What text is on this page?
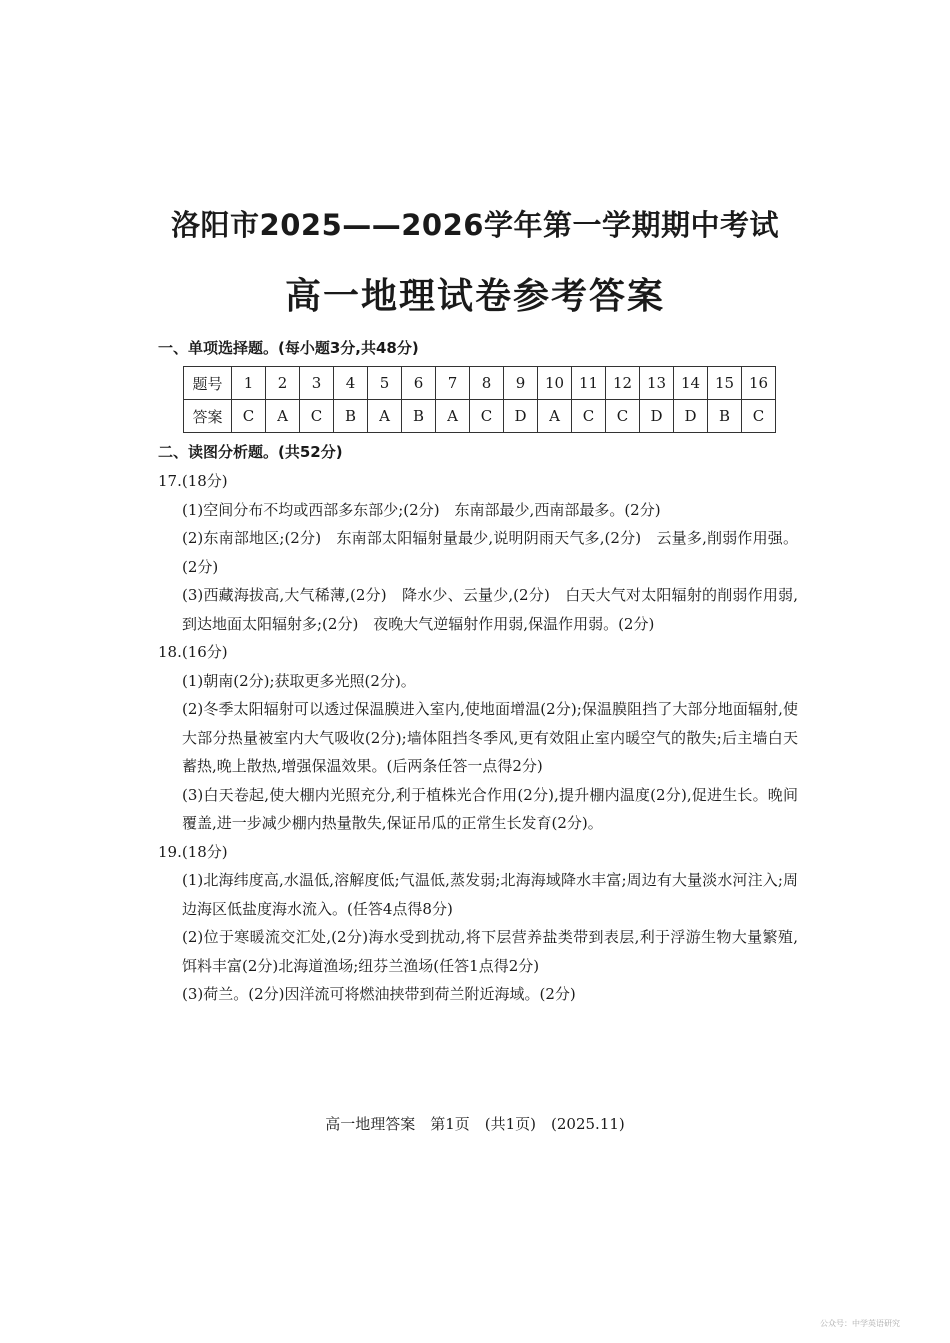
洛阳市2025——2026学年第一学期期中考试
高一地理试卷参考答案
一、单项选择题。(每小题3分,共48分)
题号	1	2	3	4	5	6	7	8	9	10	11	12	13	14	15	16
答案	C	A	C	B	A	B	A	C	D	A	C	C	D	D	B	C
二、读图分析题。(共52分)

17.(18分)

(1)空间分布不均或西部多东部少;(2分)　东南部最少,西南部最多。(2分)

(2)东南部地区;(2分)　东南部太阳辐射量最少,说明阴雨天气多,(2分)　云量多,削弱作用强。(2分)

(3)西藏海拔高,大气稀薄,(2分)　降水少、云量少,(2分)　白天大气对太阳辐射的削弱作用弱,到达地面太阳辐射多;(2分)　夜晚大气逆辐射作用弱,保温作用弱。(2分)

18.(16分)

(1)朝南(2分);获取更多光照(2分)。

(2)冬季太阳辐射可以透过保温膜进入室内,使地面增温(2分);保温膜阻挡了大部分地面辐射,使大部分热量被室内大气吸收(2分);墙体阻挡冬季风,更有效阻止室内暖空气的散失;后主墙白天蓄热,晚上散热,增强保温效果。(后两条任答一点得2分)

(3)白天卷起,使大棚内光照充分,利于植株光合作用(2分),提升棚内温度(2分),促进生长。晚间覆盖,进一步减少棚内热量散失,保证吊瓜的正常生长发育(2分)。

19.(18分)

(1)北海纬度高,水温低,溶解度低;气温低,蒸发弱;北海海域降水丰富;周边有大量淡水河注入;周边海区低盐度海水流入。(任答4点得8分)

(2)位于寒暖流交汇处,(2分)海水受到扰动,将下层营养盐类带到表层,利于浮游生物大量繁殖,饵料丰富(2分)北海道渔场;纽芬兰渔场(任答1点得2分)

(3)荷兰。(2分)因洋流可将燃油挟带到荷兰附近海域。(2分)

高一地理答案　第1页　(共1页)　(2025.11)
公众号：中学英语研究
